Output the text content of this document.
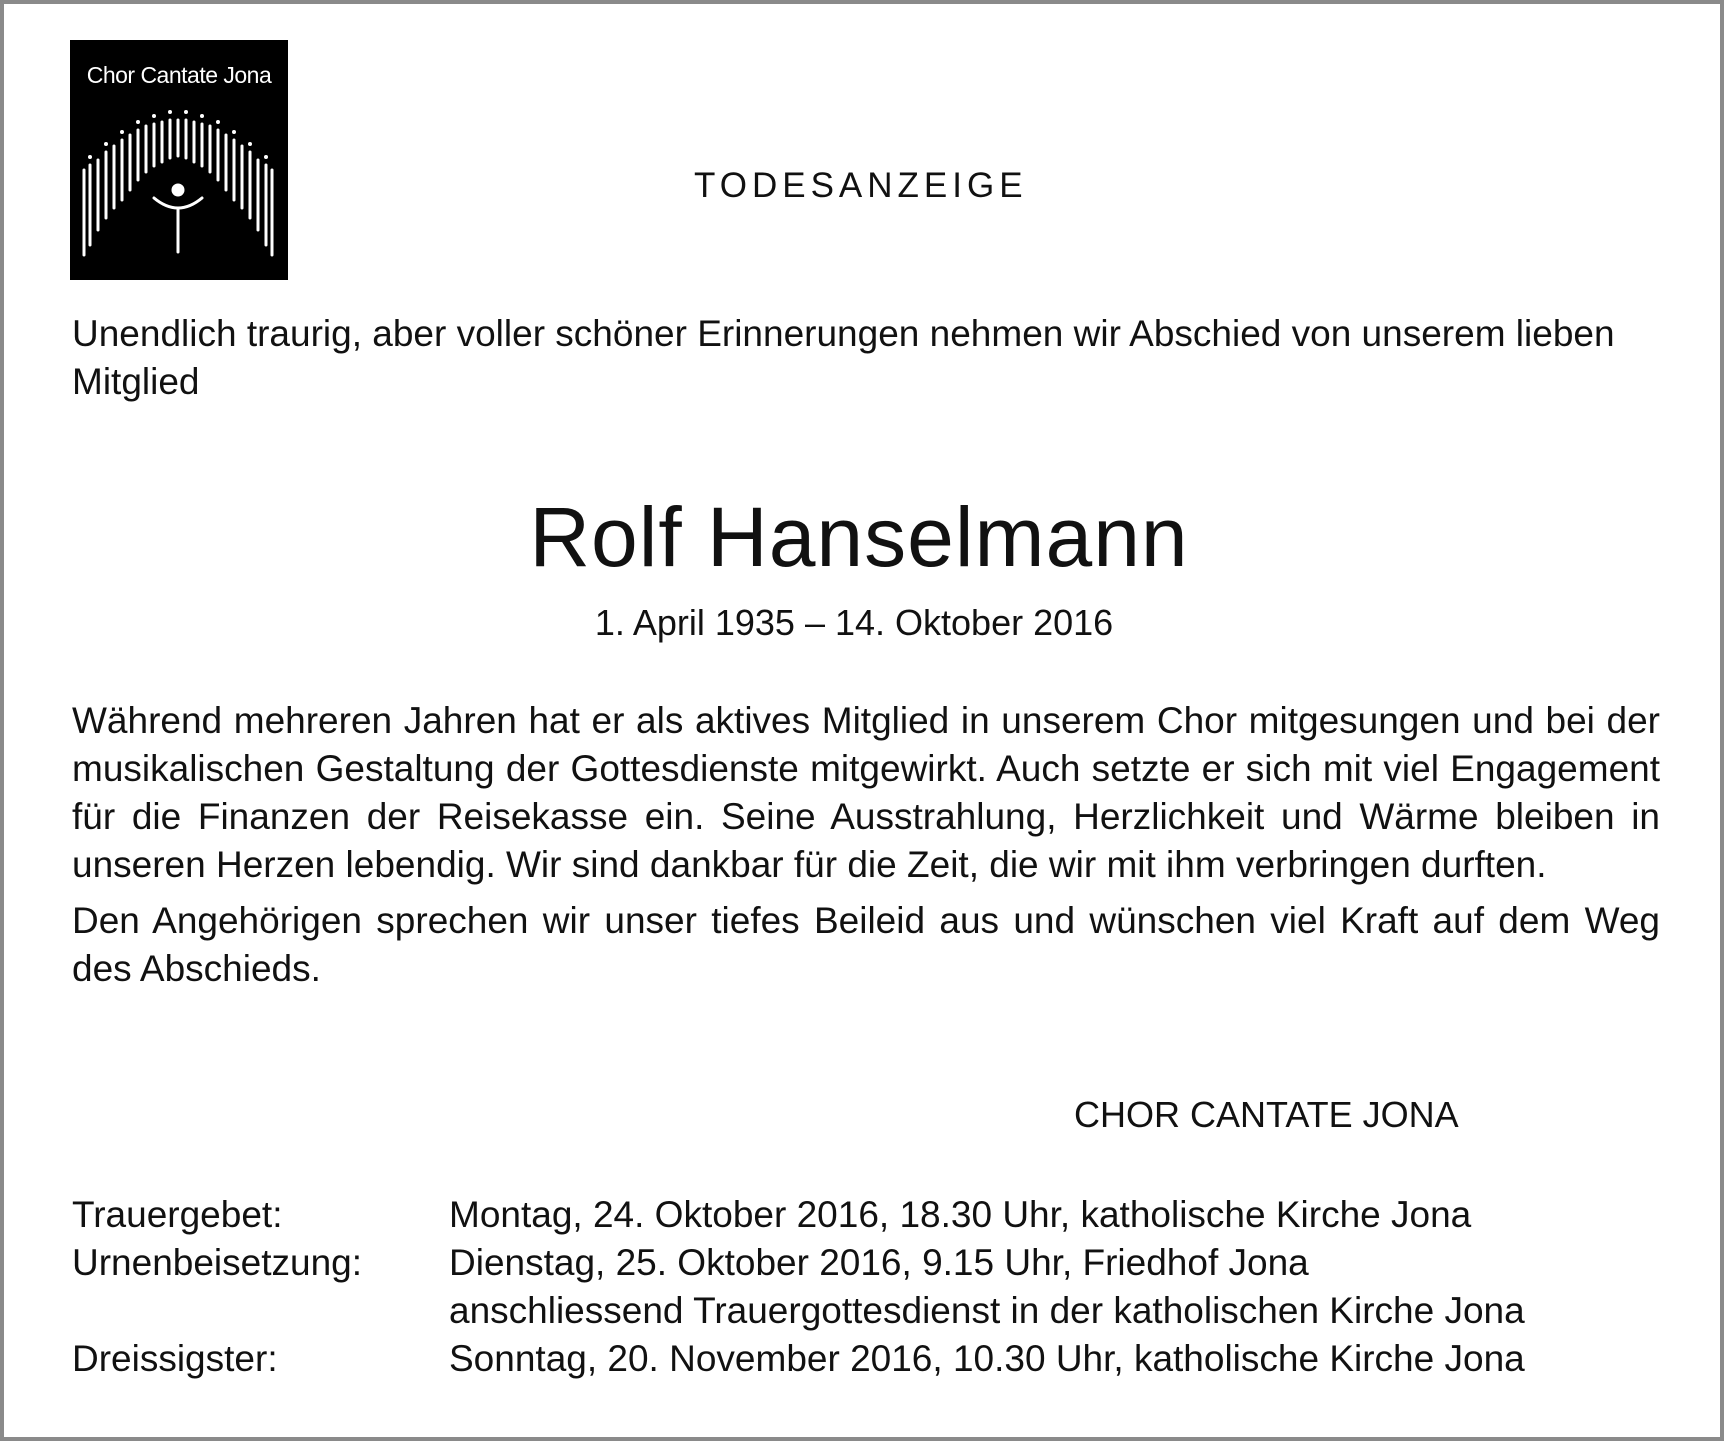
Chor Cantate Jona
TODESANZEIGE
Unendlich traurig, aber voller schöner Erinnerungen nehmen wir Abschied von unserem lieben Mitglied
Rolf Hanselmann
1. April 1935 – 14. Oktober 2016

Während mehreren Jahren hat er als aktives Mitglied in unserem Chor mitgesungen und bei der musikalischen Gestaltung der Gottesdienste mitgewirkt. Auch setzte er sich mit viel Engagement für die Finanzen der Reisekasse ein. Seine Ausstrahlung, Herzlichkeit und Wärme bleiben in unseren Herzen lebendig. Wir sind dankbar für die Zeit, die wir mit ihm verbringen durften.

Den Angehörigen sprechen wir unser tiefes Beileid aus und wünschen viel Kraft auf dem Weg des Abschieds.

CHOR CANTATE JONA
Trauergebet:	Montag, 24. Oktober 2016, 18.30 Uhr, katholische Kirche Jona
Urnenbeisetzung:	Dienstag, 25. Oktober 2016, 9.15 Uhr, Friedhof Jona
anschliessend Trauergottesdienst in der katholischen Kirche Jona
Dreissigster:	Sonntag, 20. November 2016, 10.30 Uhr, katholische Kirche Jona
